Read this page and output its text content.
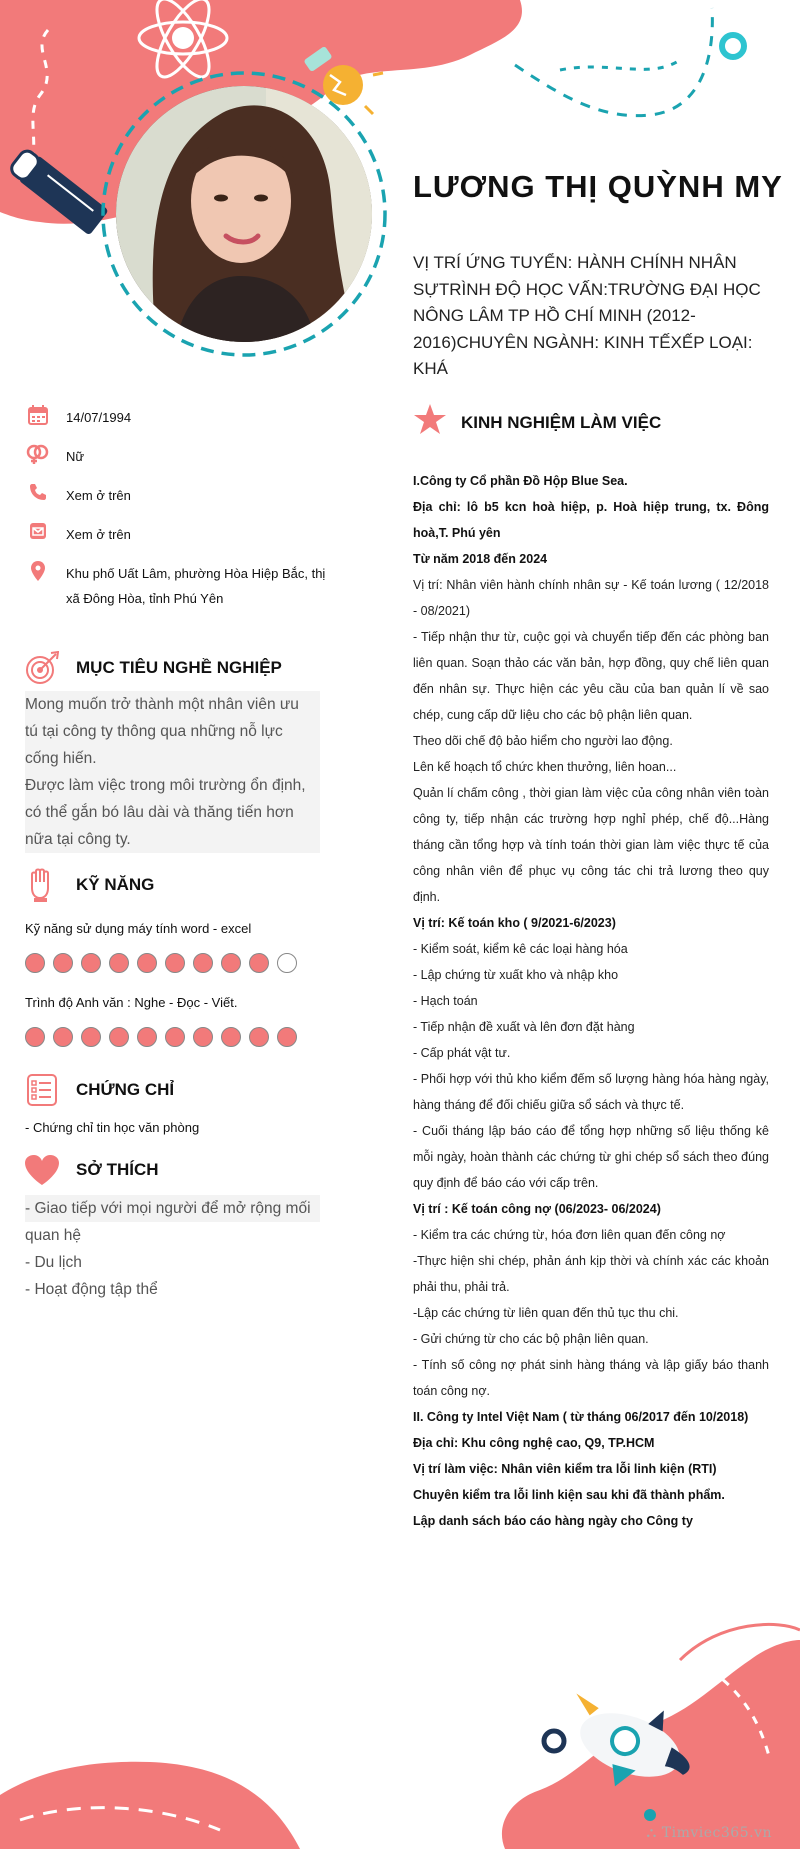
LƯƠNG THỊ QUỲNH MY
VỊ TRÍ ỨNG TUYỂN: HÀNH CHÍNH NHÂN SỰTRÌNH ĐỘ HỌC VẤN:TRƯỜNG ĐẠI HỌC NÔNG LÂM TP HỒ CHÍ MINH (2012-2016)CHUYÊN NGÀNH: KINH TẾXẾP LOẠI: KHÁ
14/07/1994
Nữ
Xem ở trên
Xem ở trên
Khu phố Uất Lâm, phường Hòa Hiệp Bắc, thị xã Đông Hòa, tỉnh Phú Yên
MỤC TIÊU NGHỀ NGHIỆP
Mong muốn trở thành một nhân viên ưu
tú tại công ty thông qua những nỗ lực
cống hiến.
Được làm việc trong môi trường ổn định,
có thể gắn bó lâu dài và thăng tiến hơn
nữa tại công ty.
KỸ NĂNG
Kỹ năng sử dụng máy tính word - excel
Trình độ Anh văn : Nghe - Đọc - Viết.
CHỨNG CHỈ
- Chứng chỉ tin học văn phòng
SỞ THÍCH
- Giao tiếp với mọi người để mở rộng mối
quan hệ
- Du lịch
- Hoạt động tập thể
KINH NGHIỆM LÀM VIỆC

I.Công ty Cổ phần Đồ Hộp Blue Sea.

Địa chỉ: lô b5 kcn hoà hiệp, p. Hoà hiệp trung, tx. Đông hoà,T. Phú yên

Từ năm 2018 đến 2024

Vị trí: Nhân viên hành chính nhân sự - Kế toán lương ( 12/2018 - 08/2021)

- Tiếp nhận thư từ, cuộc gọi và chuyển tiếp đến các phòng ban liên quan. Soạn thảo các văn bản, hợp đồng, quy chế liên quan đến nhân sự. Thực hiện các yêu cầu của ban quản lí về sao chép, cung cấp dữ liệu cho các bộ phận liên quan.

Theo dõi chế độ bảo hiểm cho người lao động.

Lên kế hoạch tổ chức khen thưởng, liên hoan...

Quản lí chấm công , thời gian làm việc của công nhân viên toàn công ty, tiếp nhận các trường hợp nghỉ phép, chế độ...Hàng tháng cần tổng hợp và tính toán thời gian làm việc thực tế của công nhân viên để phục vụ công tác chi trả lương theo quy định.

Vị trí: Kế toán kho ( 9/2021-6/2023)

- Kiểm soát, kiểm kê các loại hàng hóa

- Lập chứng từ xuất kho và nhập kho

- Hạch toán

- Tiếp nhận đề xuất và lên đơn đặt hàng

- Cấp phát vật tư.

- Phối hợp với thủ kho kiểm đếm số lượng hàng hóa hàng ngày, hàng tháng để đối chiếu giữa sổ sách và thực tế.

- Cuối tháng lập báo cáo để tổng hợp những số liệu thống kê mỗi ngày, hoàn thành các chứng từ ghi chép sổ sách theo đúng quy định để báo cáo với cấp trên.

Vị trí : Kế toán công nợ (06/2023- 06/2024)

- Kiểm tra các chứng từ, hóa đơn liên quan đến công nợ

-Thực hiện shi chép, phản ánh kịp thời và chính xác các khoản phải thu, phải trả.

-Lập các chứng từ liên quan đến thủ tục thu chi.

- Gửi chứng từ cho các bộ phận liên quan.

- Tính số công nợ phát sinh hàng tháng và lập giấy báo thanh toán công nợ.

II. Công ty Intel Việt Nam ( từ tháng 06/2017 đến 10/2018)

Địa chỉ: Khu công nghệ cao, Q9, TP.HCM

Vị trí làm việc: Nhân viên kiểm tra lỗi linh kiện (RTI)

Chuyên kiểm tra lỗi linh kiện sau khi đã thành phẩm.

Lập danh sách báo cáo hàng ngày cho Công ty

⛬ Timviec365.vn
